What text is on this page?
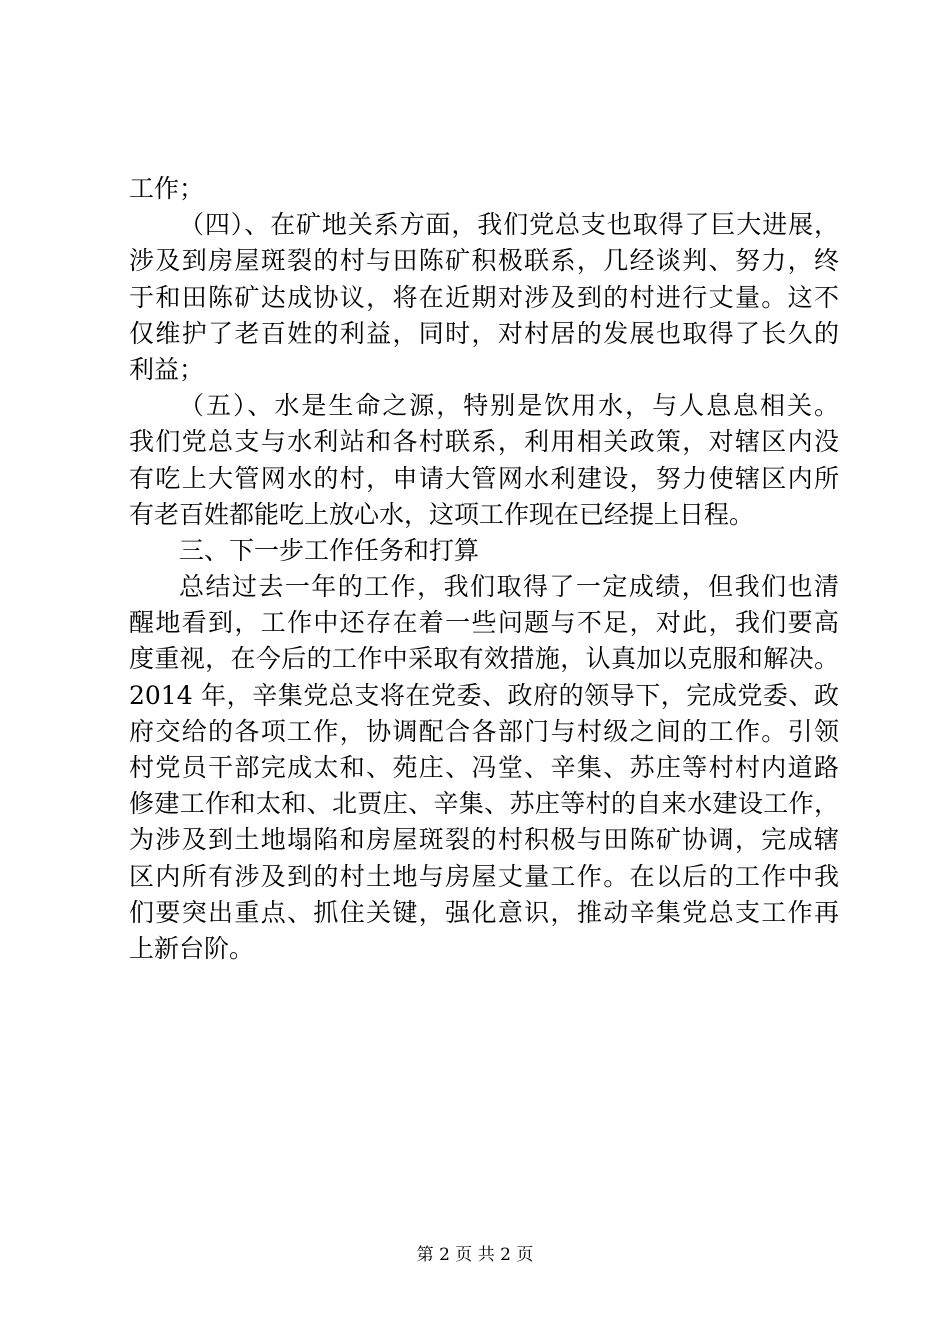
工作；
（四）、在矿地关系方面，我们党总支也取得了巨大进展，
涉及到房屋斑裂的村与田陈矿积极联系，几经谈判、努力，终
于和田陈矿达成协议，将在近期对涉及到的村进行丈量。这不
仅维护了老百姓的利益，同时，对村居的发展也取得了长久的
利益；
（五）、水是生命之源，特别是饮用水，与人息息相关。
我们党总支与水利站和各村联系，利用相关政策，对辖区内没
有吃上大管网水的村，申请大管网水利建设，努力使辖区内所
有老百姓都能吃上放心水，这项工作现在已经提上日程。
三、下一步工作任务和打算
总结过去一年的工作，我们取得了一定成绩，但我们也清
醒地看到，工作中还存在着一些问题与不足，对此，我们要高
度重视，在今后的工作中采取有效措施，认真加以克服和解决。
2014 年，辛集党总支将在党委、政府的领导下，完成党委、政
府交给的各项工作，协调配合各部门与村级之间的工作。引领
村党员干部完成太和、苑庄、冯堂、辛集、苏庄等村村内道路
修建工作和太和、北贾庄、辛集、苏庄等村的自来水建设工作，
为涉及到土地塌陷和房屋斑裂的村积极与田陈矿协调，完成辖
区内所有涉及到的村土地与房屋丈量工作。在以后的工作中我
们要突出重点、抓住关键，强化意识，推动辛集党总支工作再
上新台阶。
第 2 页 共 2 页
